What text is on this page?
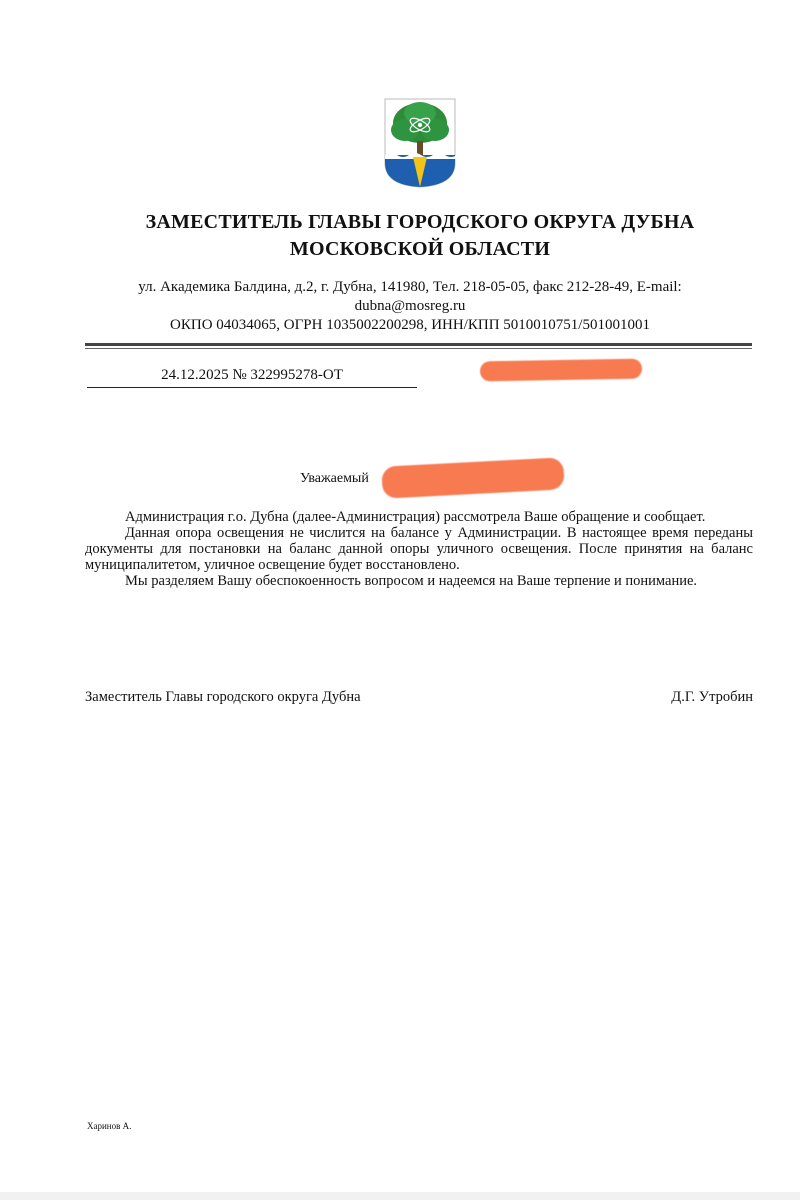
ЗАМЕСТИТЕЛЬ ГЛАВЫ ГОРОДСКОГО ОКРУГА ДУБНА
МОСКОВСКОЙ ОБЛАСТИ
ул. Академика Балдина, д.2, г. Дубна, 141980, Тел. 218-05-05, факс 212-28-49, E-mail:
dubna@mosreg.ru
ОКПО 04034065, ОГРН 1035002200298, ИНН/КПП 5010010751/501001001
24.12.2025 № 322995278-ОТ
Уважаемый

Администрация г.о. Дубна (далее-Администрация) рассмотрела Ваше обращение и сообщает.

Данная опора освещения не числится на балансе у Администрации. В настоящее время переданы документы для постановки на баланс данной опоры уличного освещения. После принятия на баланс муниципалитетом, уличное освещение будет восстановлено.

Мы разделяем Вашу обеспокоенность вопросом и надеемся на Ваше терпение и понимание.

Заместитель Главы городского округа Дубна	Д.Г. Утробин
Харинов А.
